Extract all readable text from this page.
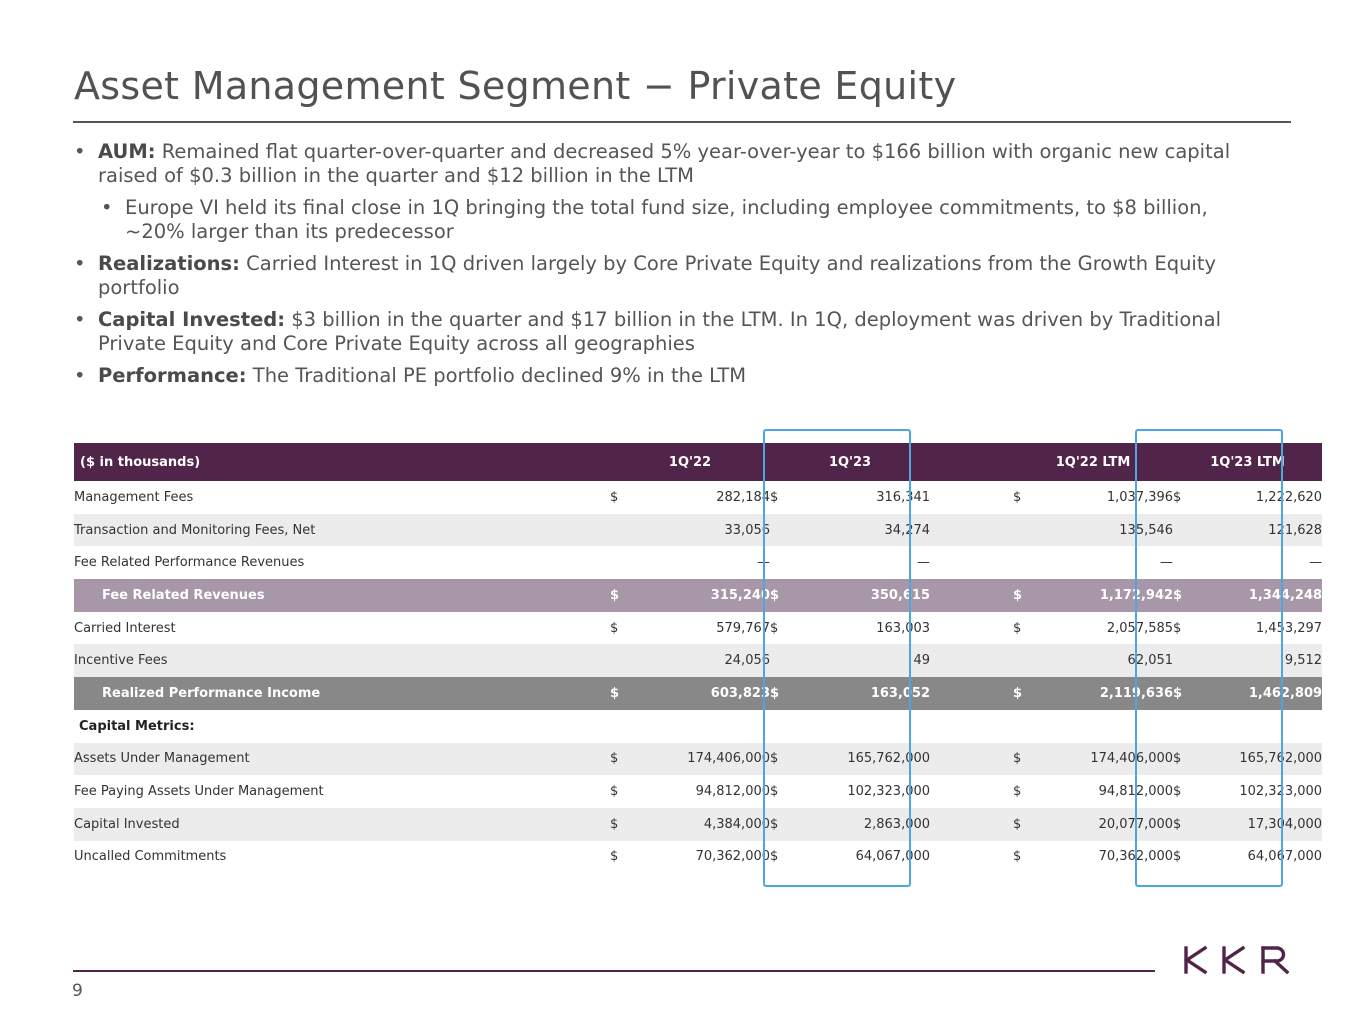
Asset Management Segment − Private Equity
• AUM: Remained flat quarter-over-quarter and decreased 5% year-over-year to $166 billion with organic new capital raised of $0.3 billion in the quarter and $12 billion in the LTM
• Europe VI held its final close in 1Q bringing the total fund size, including employee commitments, to $8 billion, ~20% larger than its predecessor
• Realizations: Carried Interest in 1Q driven largely by Core Private Equity and realizations from the Growth Equity portfolio
• Capital Invested: $3 billion in the quarter and $17 billion in the LTM. In 1Q, deployment was driven by Traditional Private Equity and Core Private Equity across all geographies
• Performance: The Traditional PE portfolio declined 9% in the LTM
($ in thousands)	1Q'22		1Q'23			1Q'22 LTM		1Q'23 LTM	
Management Fees	$	282,184	$	316,341		$	1,037,396	$	1,222,620
Transaction and Monitoring Fees, Net		33,056		34,274			135,546		121,628
Fee Related Performance Revenues		—		—			—		—
Fee Related Revenues	$	315,240	$	350,615		$	1,172,942	$	1,344,248
Carried Interest	$	579,767	$	163,003		$	2,057,585	$	1,453,297
Incentive Fees		24,056		49			62,051		9,512
Realized Performance Income	$	603,823	$	163,052		$	2,119,636	$	1,462,809
Capital Metrics:									
Assets Under Management	$	174,406,000	$	165,762,000		$	174,406,000	$	165,762,000
Fee Paying Assets Under Management	$	94,812,000	$	102,323,000		$	94,812,000	$	102,323,000
Capital Invested	$	4,384,000	$	2,863,000		$	20,077,000	$	17,304,000
Uncalled Commitments	$	70,362,000	$	64,067,000		$	70,362,000	$	64,067,000
9
